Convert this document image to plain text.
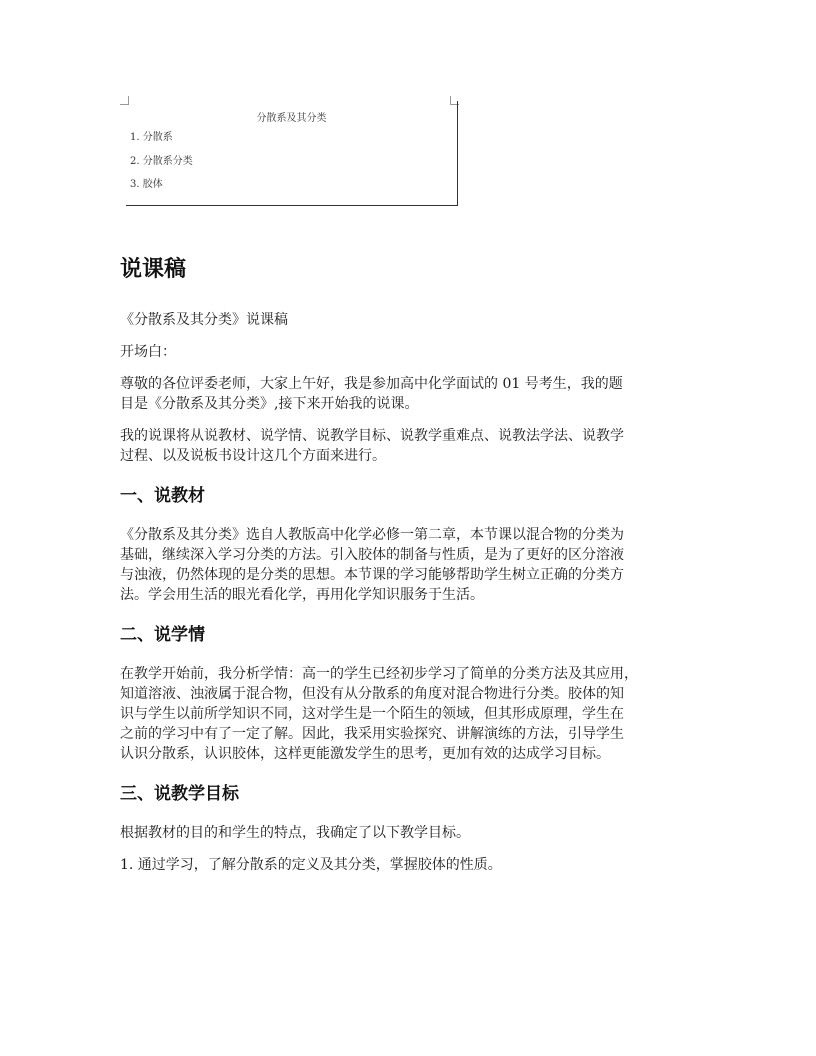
分散系及其分类
1. 分散系
2. 分散系分类
3. 胶体
说课稿

《分散系及其分类》说课稿

开场白：

尊敬的各位评委老师，大家上午好，我是参加高中化学面试的 01 号考生，我的题
目是《分散系及其分类》,接下来开始我的说课。

我的说课将从说教材、说学情、说教学目标、说教学重难点、说教法学法、说教学
过程、以及说板书设计这几个方面来进行。

一、说教材

《分散系及其分类》选自人教版高中化学必修一第二章，本节课以混合物的分类为
基础，继续深入学习分类的方法。引入胶体的制备与性质，是为了更好的区分溶液
与浊液，仍然体现的是分类的思想。本节课的学习能够帮助学生树立正确的分类方
法。学会用生活的眼光看化学，再用化学知识服务于生活。

二、说学情

在教学开始前，我分析学情：高一的学生已经初步学习了简单的分类方法及其应用，
知道溶液、浊液属于混合物，但没有从分散系的角度对混合物进行分类。胶体的知
识与学生以前所学知识不同，这对学生是一个陌生的领域，但其形成原理，学生在
之前的学习中有了一定了解。因此，我采用实验探究、讲解演练的方法，引导学生
认识分散系，认识胶体，这样更能激发学生的思考，更加有效的达成学习目标。

三、说教学目标

根据教材的目的和学生的特点，我确定了以下教学目标。

1. 通过学习，了解分散系的定义及其分类，掌握胶体的性质。
